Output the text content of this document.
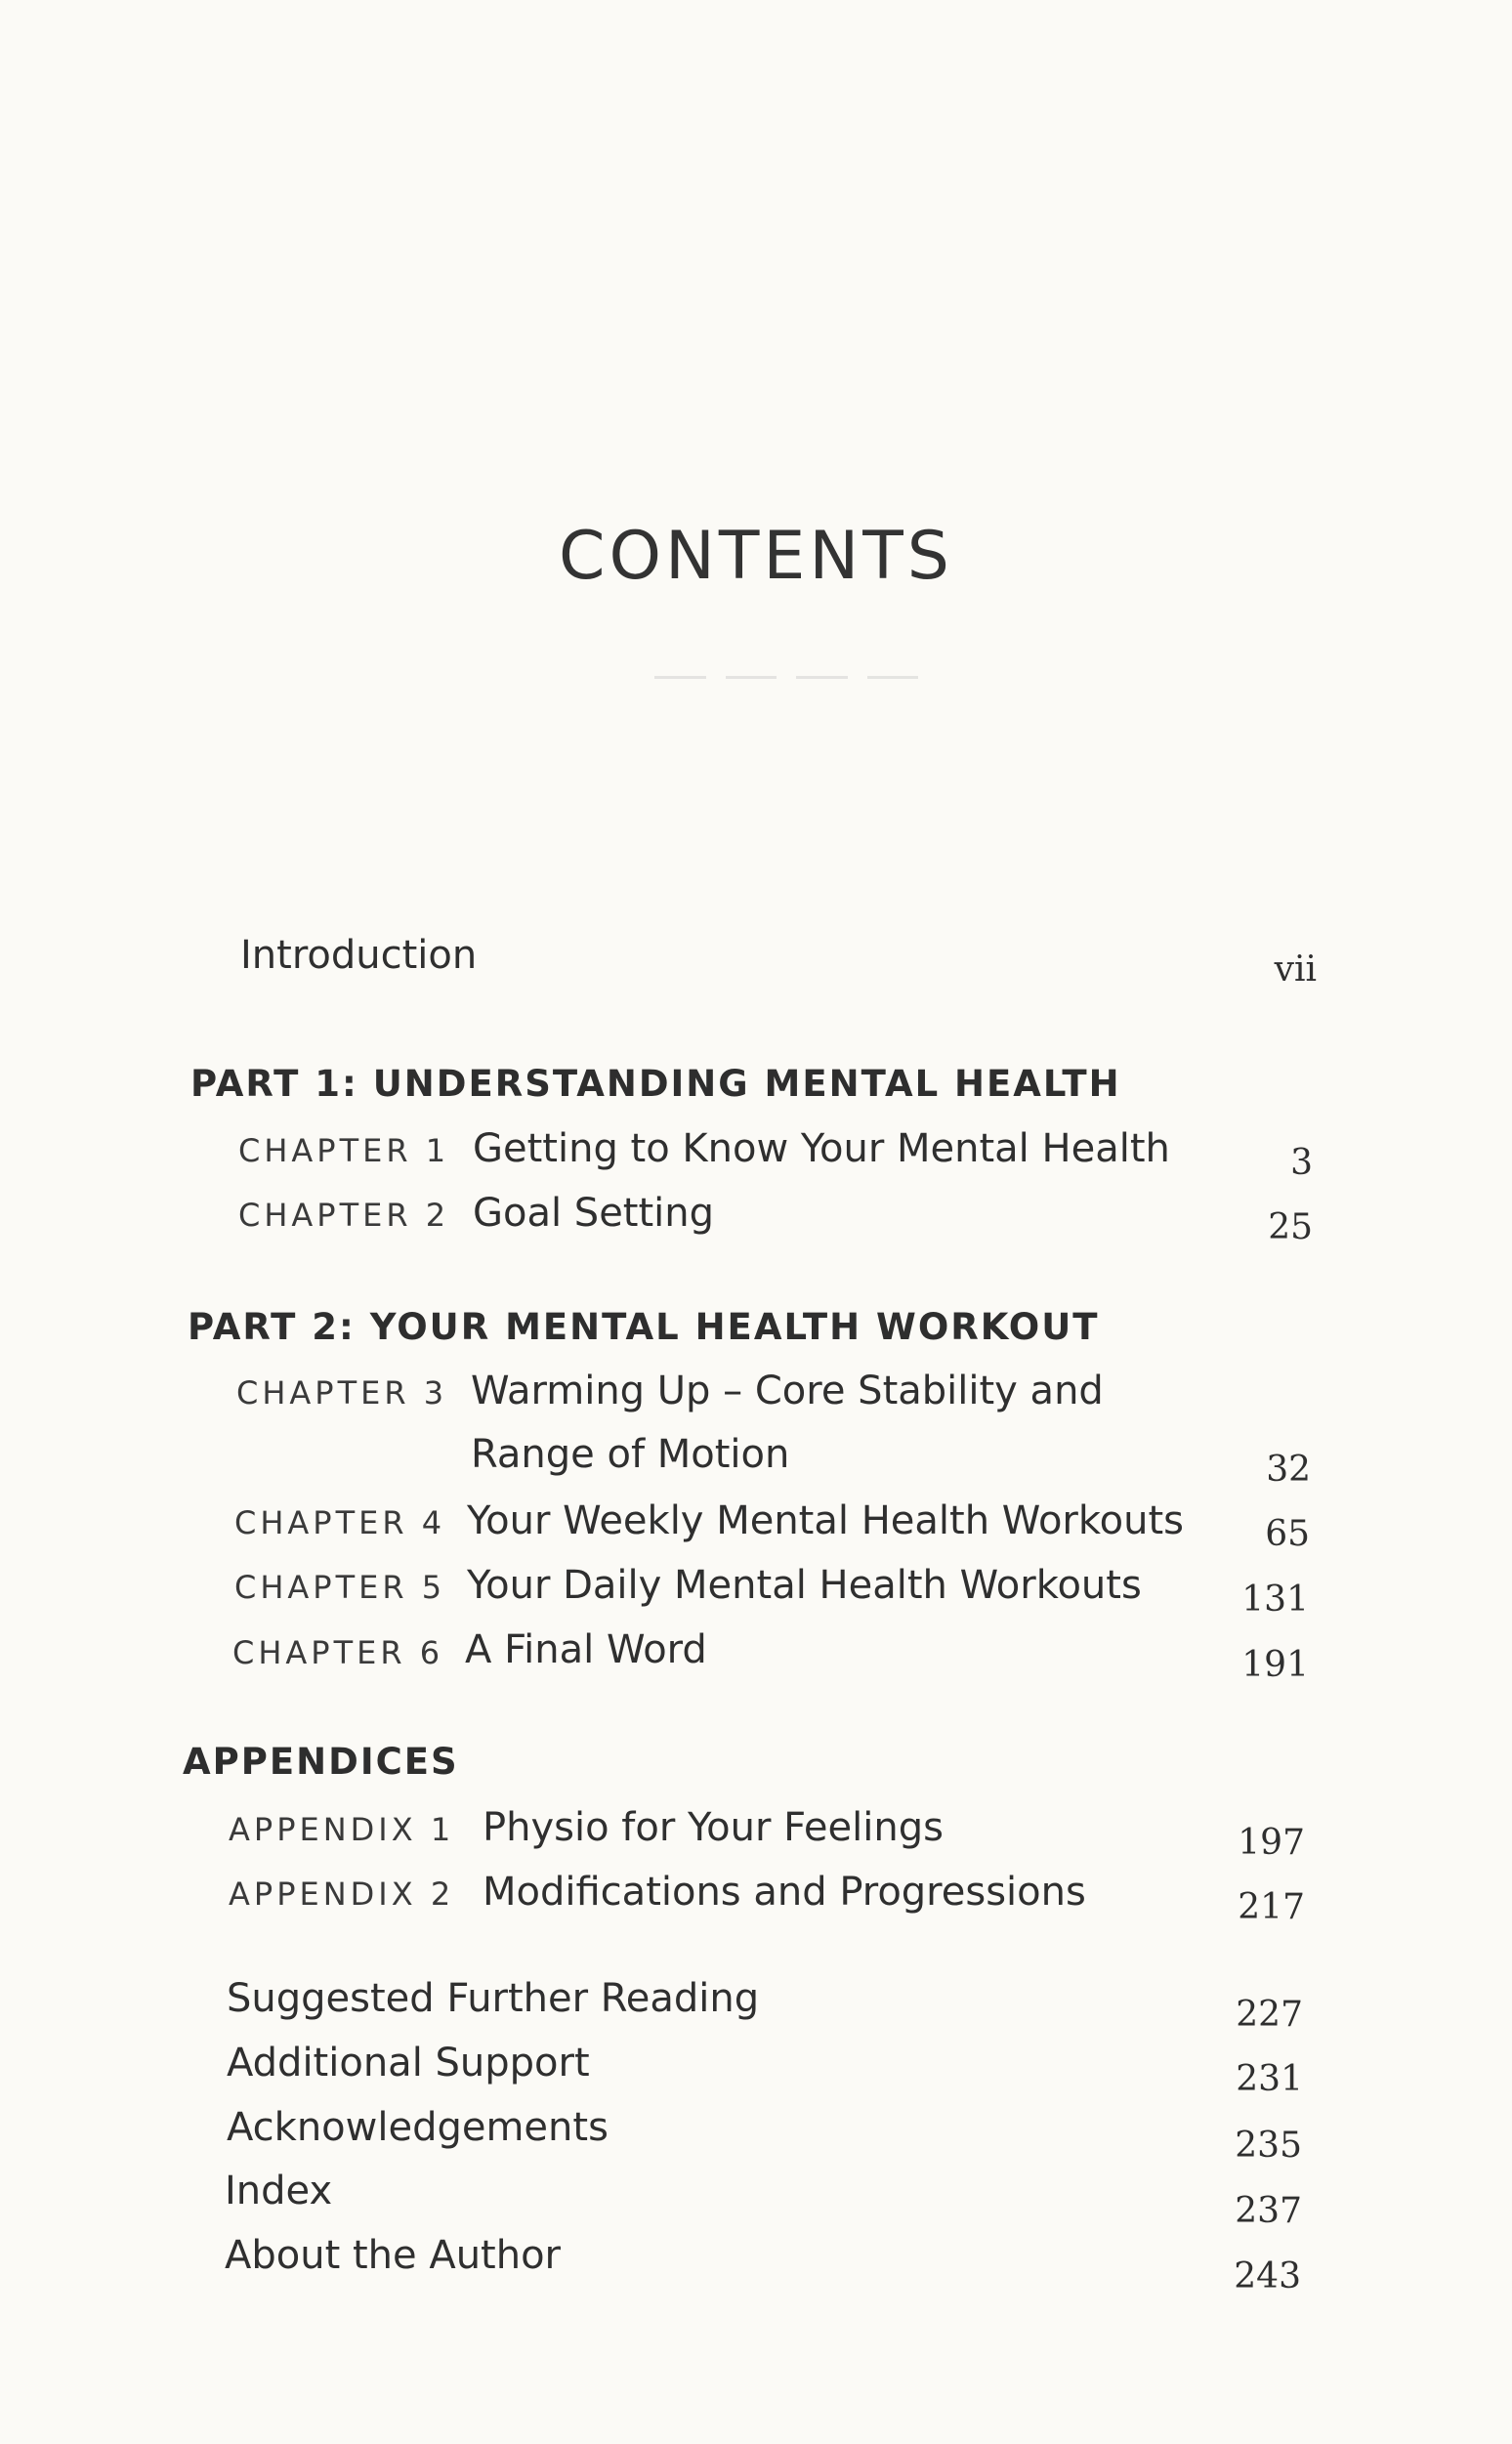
CONTENTS
Introduction	vii
PART 1: UNDERSTANDING MENTAL HEALTH
CHAPTER 1 Getting to Know Your Mental Health	3
CHAPTER 2 Goal Setting	25
PART 2: YOUR MENTAL HEALTH WORKOUT
CHAPTER 3 Warming Up – Core Stability and
Range of Motion	32
CHAPTER 4 Your Weekly Mental Health Workouts 65
CHAPTER 5 Your Daily Mental Health Workouts	131
CHAPTER 6 A Final Word	191
APPENDICES
APPENDIX 1 Physio for Your Feelings	197
APPENDIX 2 Modifications and Progressions	217
Suggested Further Reading	227
Additional Support	231
Acknowledgements	235
Index	237
About the Author	243
